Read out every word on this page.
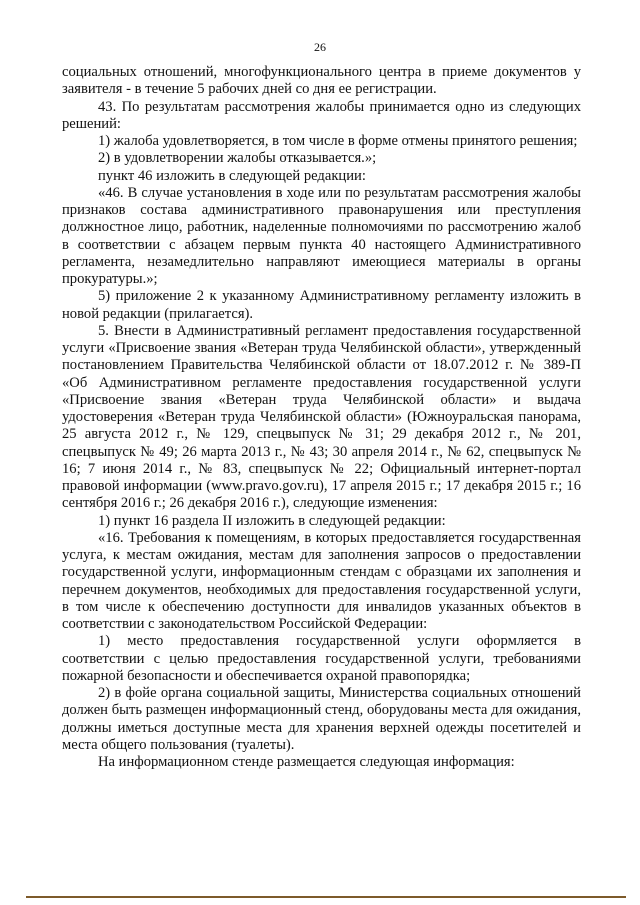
26

социальных отношений, многофункционального центра в приеме документов у заявителя - в течение 5 рабочих дней со дня ее регистрации.

43. По результатам рассмотрения жалобы принимается одно из следующих решений:

1) жалоба удовлетворяется, в том числе в форме отмены принятого решения;

2) в удовлетворении жалобы отказывается.»;

пункт 46 изложить в следующей редакции:

«46. В случае установления в ходе или по результатам рассмотрения жалобы признаков состава административного правонарушения или преступления должностное лицо, работник, наделенные полномочиями по рассмотрению жалоб в соответствии с абзацем первым пункта 40 настоящего Административного регламента, незамедлительно направляют имеющиеся материалы в органы прокуратуры.»;

5) приложение 2 к указанному Административному регламенту изложить в новой редакции (прилагается).

5. Внести в Административный регламент предоставления государственной услуги «Присвоение звания «Ветеран труда Челябинской области», утвержденный постановлением Правительства Челябинской области от 18.07.2012 г. № 389-П «Об Административном регламенте предоставления государственной услуги «Присвоение звания «Ветеран труда Челябинской области» и выдача удостоверения «Ветеран труда Челябинской области» (Южноуральская панорама, 25 августа 2012 г., № 129, спецвыпуск № 31; 29 декабря 2012 г., № 201, спецвыпуск № 49; 26 марта 2013 г., № 43; 30 апреля 2014 г., № 62, спецвыпуск № 16; 7 июня 2014 г., № 83, спецвыпуск № 22; Официальный интернет-портал правовой информации (www.pravo.gov.ru), 17 апреля 2015 г.; 17 декабря 2015 г.; 16 сентября 2016 г.; 26 декабря 2016 г.), следующие изменения:

1) пункт 16 раздела II изложить в следующей редакции:

«16. Требования к помещениям, в которых предоставляется государственная услуга, к местам ожидания, местам для заполнения запросов о предоставлении государственной услуги, информационным стендам с образцами их заполнения и перечнем документов, необходимых для предоставления государственной услуги, в том числе к обеспечению доступности для инвалидов указанных объектов в соответствии с законодательством Российской Федерации:

1) место предоставления государственной услуги оформляется в соответствии с целью предоставления государственной услуги, требованиями пожарной безопасности и обеспечивается охраной правопорядка;

2) в фойе органа социальной защиты, Министерства социальных отношений должен быть размещен информационный стенд, оборудованы места для ожидания, должны иметься доступные места для хранения верхней одежды посетителей и места общего пользования (туалеты).

На информационном стенде размещается следующая информация:
